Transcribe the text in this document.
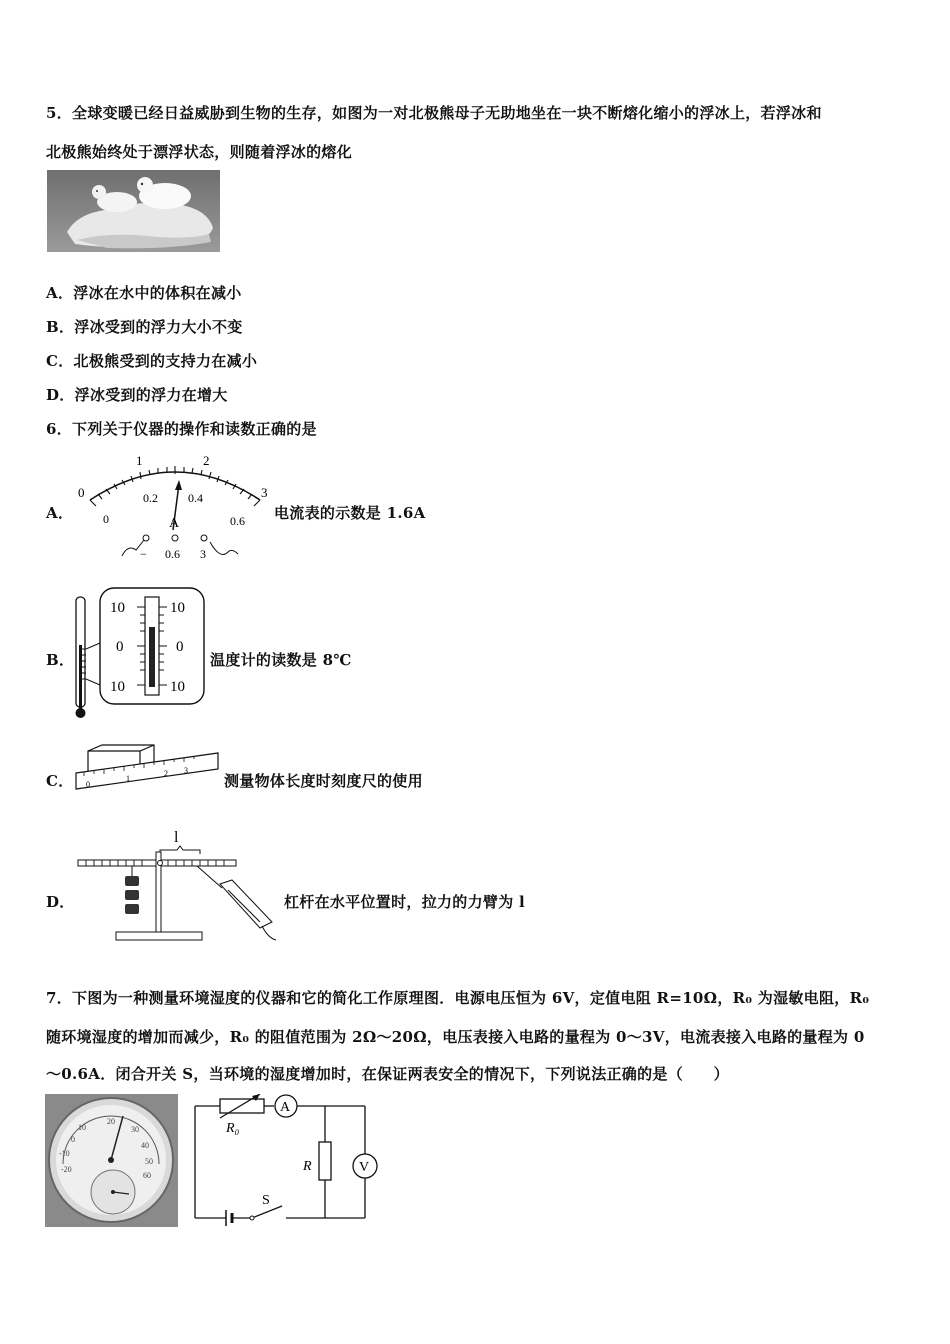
5．全球变暖已经日益威胁到生物的生存，如图为一对北极熊母子无助地坐在一块不断熔化缩小的浮冰上，若浮冰和
北极熊始终处于漂浮状态，则随着浮冰的熔化
A．浮冰在水中的体积在减小
B．浮冰受到的浮力大小不变
C．北极熊受到的支持力在减小
D．浮冰受到的浮力在增大
6．下列关于仪器的操作和读数正确的是
A．
0
1	2
3
0
0.2	0.4
0.6
A
− 0.6 3
电流表的示数是 1.6A
B．
10
0
10
10
0
10
温度计的读数是 8℃
C． 0
1
2 3
测量物体长度时刻度尺的使用
D．
l
杠杆在水平位置时，拉力的力臂为 l
7．下图为一种测量环境湿度的仪器和它的简化工作原理图．电源电压恒为 6V，定值电阻 R=10Ω，R₀ 为湿敏电阻，R₀
随环境湿度的增加而减少，R₀ 的阻值范围为 2Ω～20Ω，电压表接入电路的量程为 0～3V，电流表接入电路的量程为 0
～0.6A．闭合开关 S，当环境的湿度增加时，在保证两表安全的情况下，下列说法正确的是（　　）
10
0
-10
-20
20
30
40
50
60
A
V
R₀
R
S
